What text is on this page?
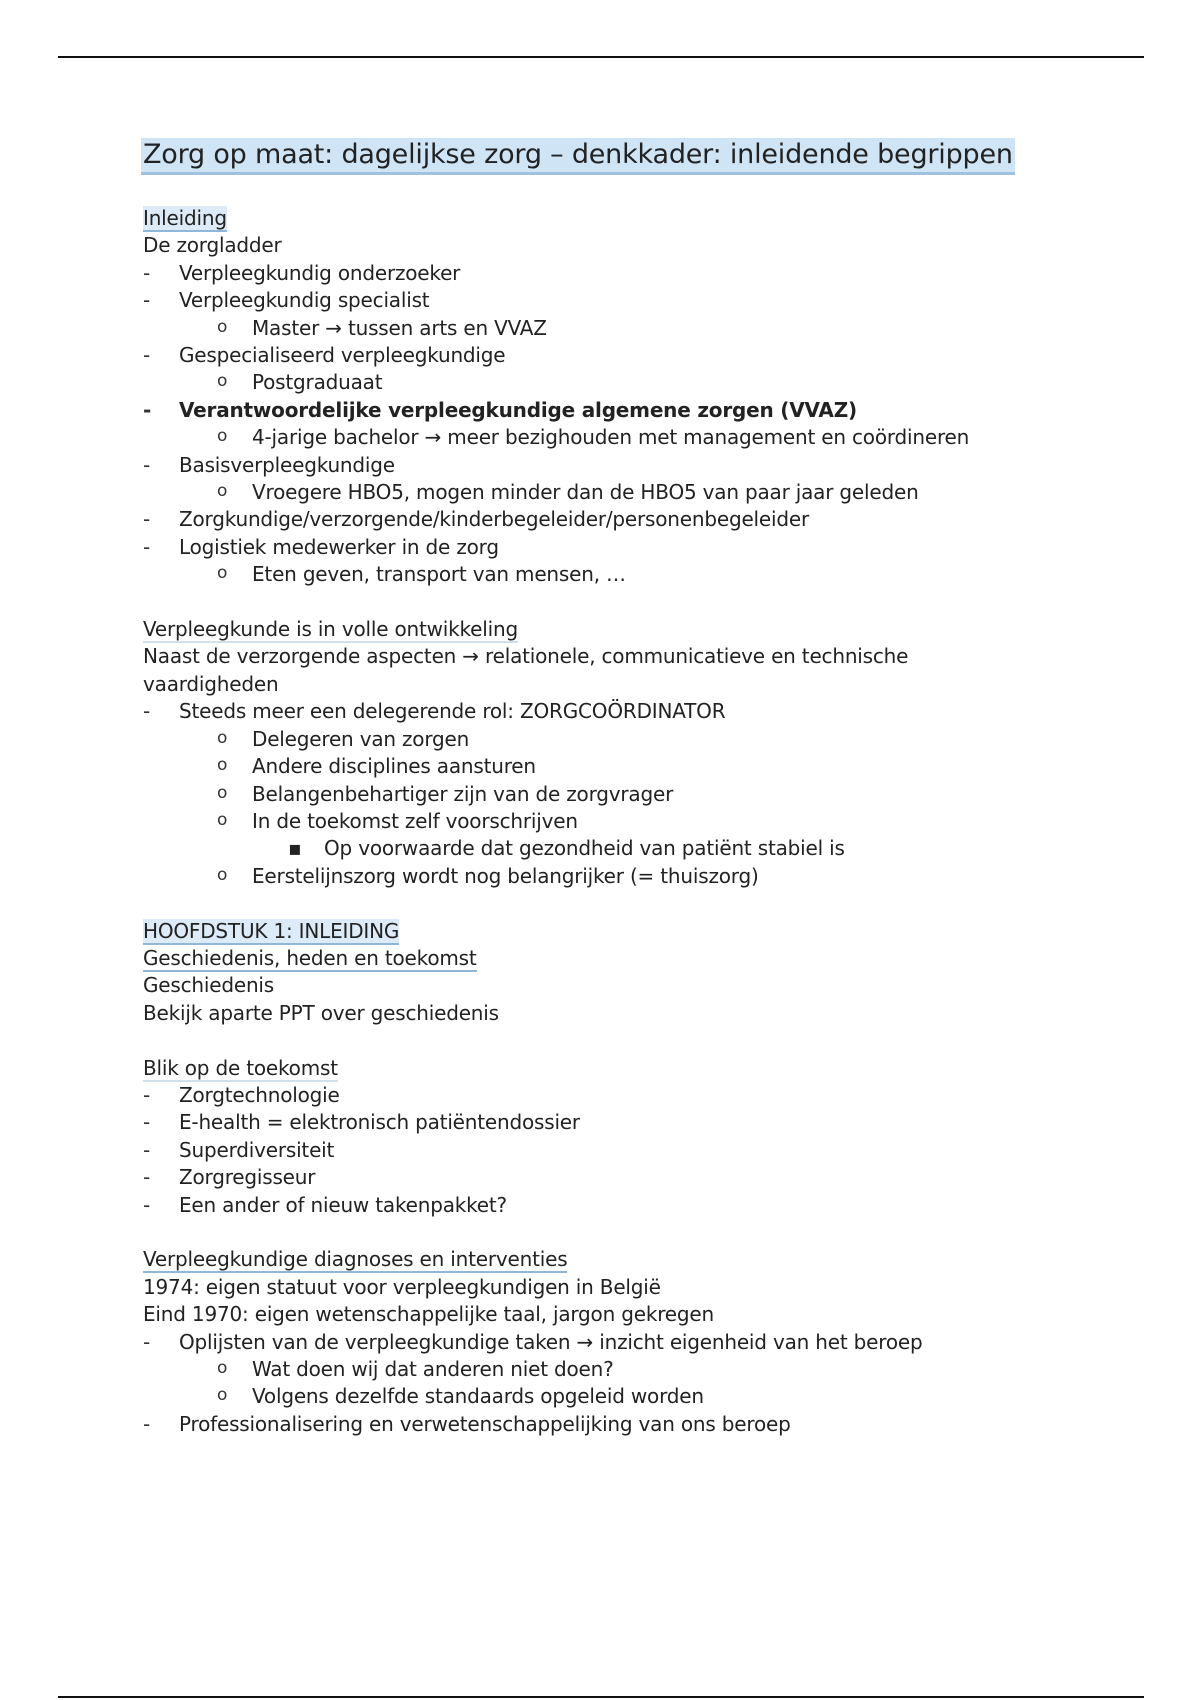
Zorg op maat: dagelijkse zorg – denkkader: inleidende begrippen
Inleiding
De zorgladder
- Verpleegkundig onderzoeker
- Verpleegkundig specialist
o Master → tussen arts en VVAZ
- Gespecialiseerd verpleegkundige
o Postgraduaat
- Verantwoordelijke verpleegkundige algemene zorgen (VVAZ)
o 4-jarige bachelor → meer bezighouden met management en coördineren
- Basisverpleegkundige
o Vroegere HBO5, mogen minder dan de HBO5 van paar jaar geleden
- Zorgkundige/verzorgende/kinderbegeleider/personenbegeleider
- Logistiek medewerker in de zorg
o Eten geven, transport van mensen, …
Verpleegkunde is in volle ontwikkeling
Naast de verzorgende aspecten → relationele, communicatieve en technische
vaardigheden
- Steeds meer een delegerende rol: ZORGCOÖRDINATOR
o Delegeren van zorgen
o Andere disciplines aansturen
o Belangenbehartiger zijn van de zorgvrager
o In de toekomst zelf voorschrijven
▪ Op voorwaarde dat gezondheid van patiënt stabiel is
o Eerstelijnszorg wordt nog belangrijker (= thuiszorg)
HOOFDSTUK 1: INLEIDING
Geschiedenis, heden en toekomst
Geschiedenis
Bekijk aparte PPT over geschiedenis
Blik op de toekomst
- Zorgtechnologie
- E-health = elektronisch patiëntendossier
- Superdiversiteit
- Zorgregisseur
- Een ander of nieuw takenpakket?
Verpleegkundige diagnoses en interventies
1974: eigen statuut voor verpleegkundigen in België
Eind 1970: eigen wetenschappelijke taal, jargon gekregen
- Oplijsten van de verpleegkundige taken → inzicht eigenheid van het beroep
o Wat doen wij dat anderen niet doen?
o Volgens dezelfde standaards opgeleid worden
- Professionalisering en verwetenschappelijking van ons beroep
